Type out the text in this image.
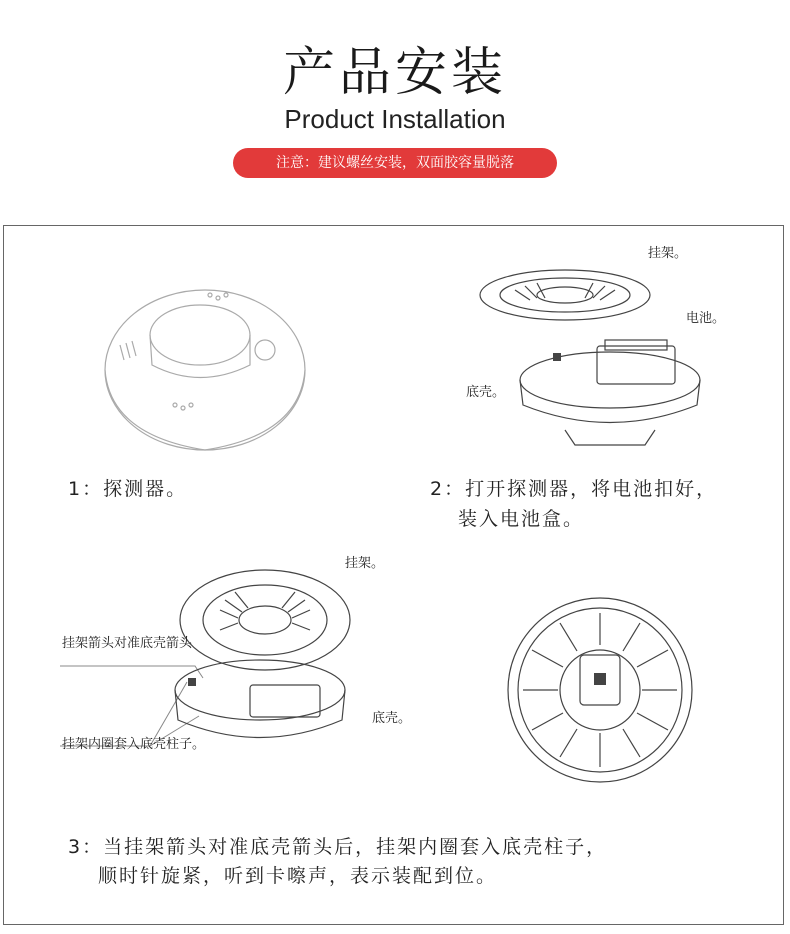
产品安装
Product Installation
注意：建议螺丝安装，双面胶容量脱落
1：探测器。
挂架。
电池。
底壳。
2：打开探测器，将电池扣好，
装入电池盒。
挂架。
挂架箭头对准底壳箭头
挂架内圈套入底壳柱子。
底壳。
3：当挂架箭头对准底壳箭头后，挂架内圈套入底壳柱子，
顺时针旋紧，听到卡嚓声，表示装配到位。
